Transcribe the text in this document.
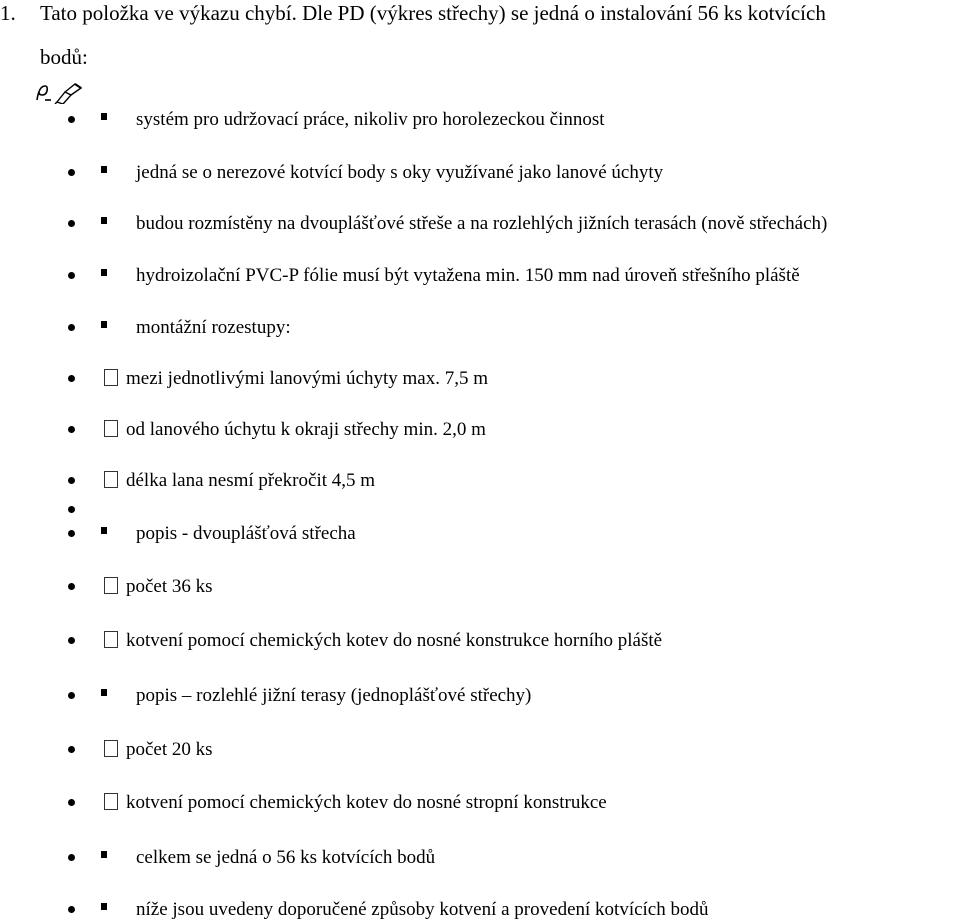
1. Tato položka ve výkazu chybí. Dle PD (výkres střechy) se jedná o instalování 56 ks kotvících
bodů:
systém pro udržovací práce, nikoliv pro horolezeckou činnost
jedná se o nerezové kotvící body s oky využívané jako lanové úchyty
budou rozmístěny na dvouplášťové střeše a na rozlehlých jižních terasách (nově střechách)
hydroizolační PVC-P fólie musí být vytažena min. 150 mm nad úroveň střešního pláště
montážní rozestupy:
mezi jednotlivými lanovými úchyty max. 7,5 m
od lanového úchytu k okraji střechy min. 2,0 m
délka lana nesmí překročit 4,5 m
popis - dvouplášťová střecha
počet 36 ks
kotvení pomocí chemických kotev do nosné konstrukce horního pláště
popis – rozlehlé jižní terasy (jednoplášťové střechy)
počet 20 ks
kotvení pomocí chemických kotev do nosné stropní konstrukce
celkem se jedná o 56 ks kotvících bodů
níže jsou uvedeny doporučené způsoby kotvení a provedení kotvících bodů
